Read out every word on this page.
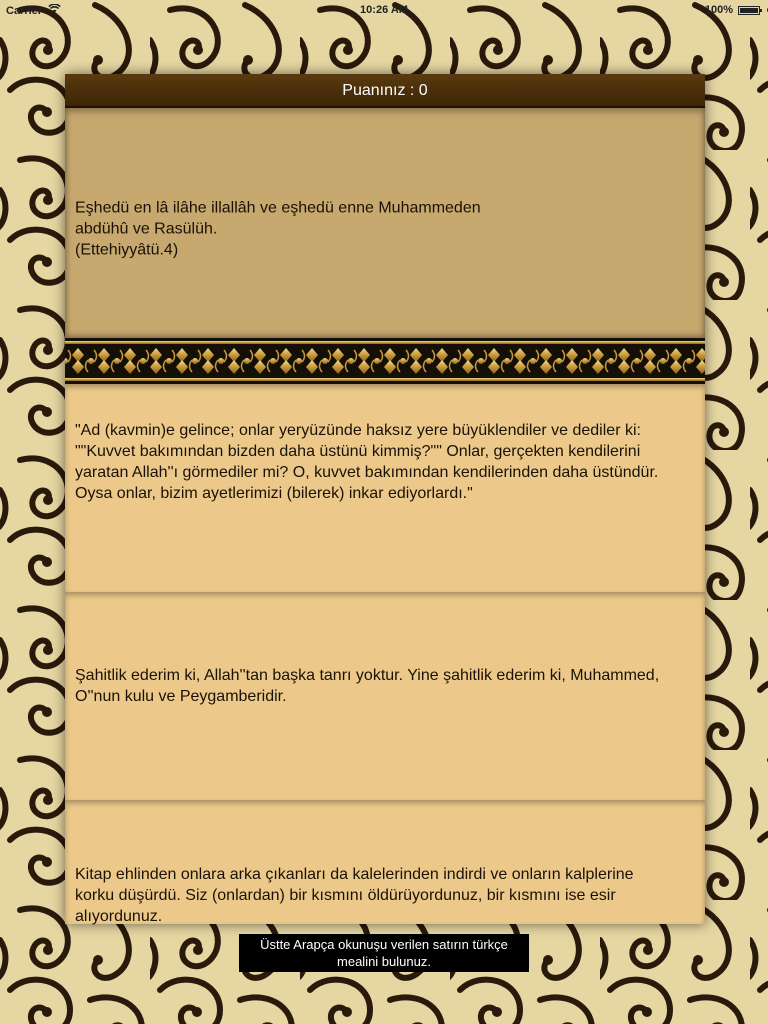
Carrier	10:26 AM	100%
Puanınız : 0
Eşhedü en lâ ilâhe illallâh ve eşhedü enne Muhammeden
abdühû ve Rasülüh.
(Ettehiyyâtü.4)
"Ad (kavmin)e gelince; onlar yeryüzünde haksız yere büyüklendiler ve dediler ki: ""Kuvvet bakımından bizden daha üstünü kimmiş?"" Onlar, gerçekten kendilerini yaratan Allah''ı görmediler mi? O, kuvvet bakımından kendilerinden daha üstündür. Oysa onlar, bizim ayetlerimizi (bilerek) inkar ediyorlardı."
Şahitlik ederim ki, Allah''tan başka tanrı yoktur. Yine şahitlik ederim ki, Muhammed, O''nun kulu ve Peygamberidir.
Kitap ehlinden onlara arka çıkanları da kalelerinden indirdi ve onların kalplerine korku düşürdü. Siz (onlardan) bir kısmını öldürüyordunuz, bir kısmını ise esir alıyordunuz.
Üstte Arapça okunuşu verilen satırın türkçe mealini bulunuz.
